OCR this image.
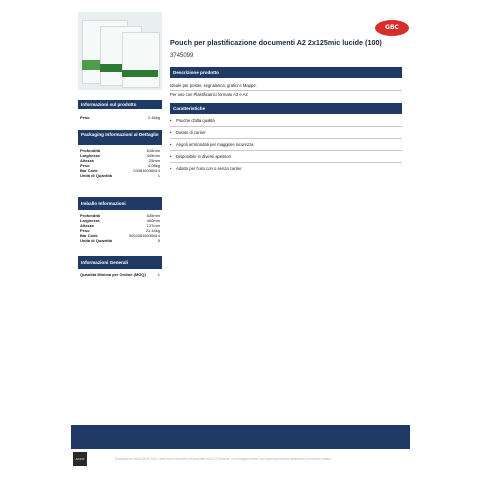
GBC
Pouch per plastificazione documenti A2 2x125mic lucide (100)
3745099
Descrizione prodotto
Ideale per poster, segnaletica, grafici e Mappe.
Per uso con Plastificatrici formato A3 e A2
Caratteristiche
• Pouche d'alta qualità
• Dotato di carrier
• Angoli arrotondati per maggiore sicurezza
• Disponibile in diversi spessori
• Adatto per l'uso con o senza carrier
Informazioni sul prodotto
Peso	2.46kg
Packaging Informazioni al Dettaglio
Profondità	618mm
Larghezza	445mm
Altezza	25mm
Peso	4.08kg
Bar Code	033816036614
Unità di Quantità	1
Imballo Informazioni
Profondità	635mm
Larghezza	460mm
Altezza	137mm
Peso	21.44kg
Bar Code	50033816036614
Unità di Quantità	5
Informazioni Generali
Quantità Minima per Ordine (MOQ)	1
ACCO	Stampato su 06/01/2016 Tutti i diritti sono riservati e di proprietà di ACCO Brands. Le immagini hanno uno scopo puramente illustrativo e possono variare.
